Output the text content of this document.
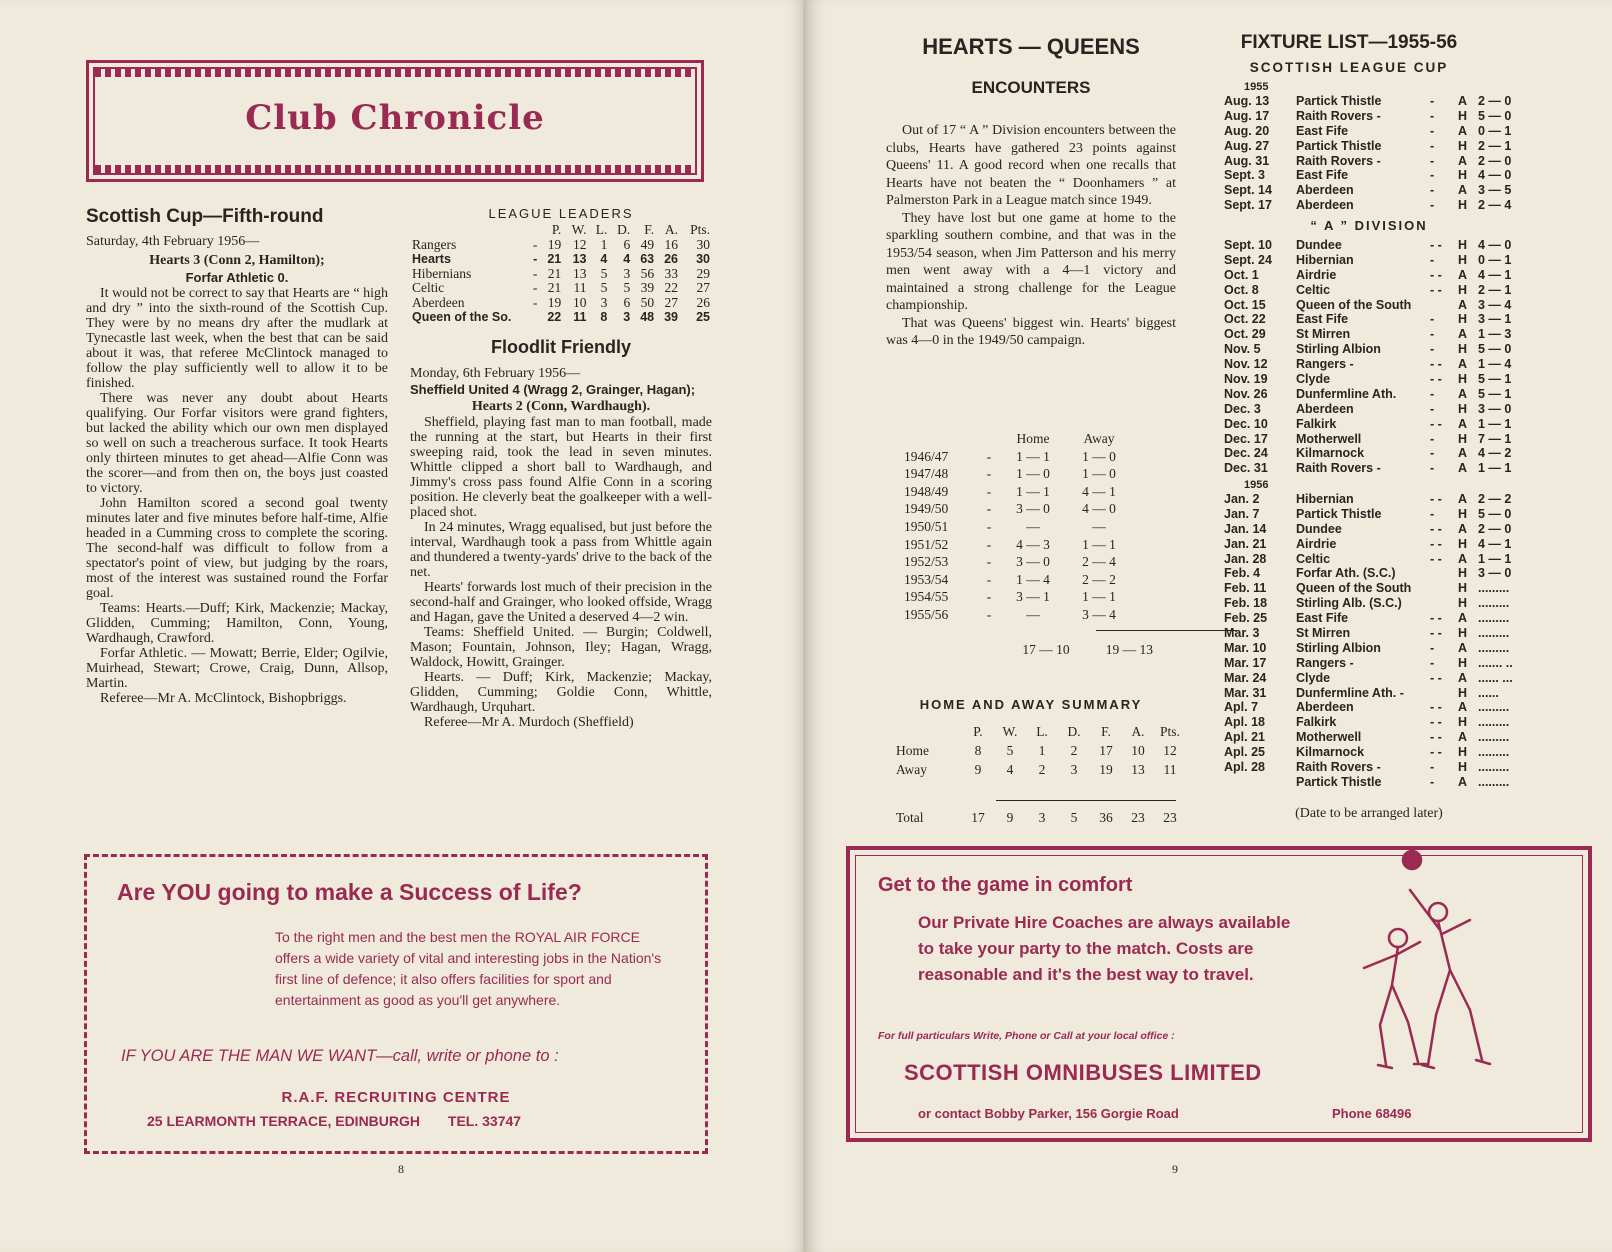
Club Chronicle
Scottish Cup—Fifth-round
Saturday, 4th February 1956—
Hearts 3 (Conn 2, Hamilton);
Forfar Athletic 0.

It would not be correct to say that Hearts are “ high and dry ” into the sixth-round of the Scottish Cup. They were by no means dry after the mudlark at Tynecastle last week, when the best that can be said about it was, that referee McClintock managed to follow the play sufficiently well to allow it to be finished.

There was never any doubt about Hearts qualifying. Our Forfar visitors were grand fighters, but lacked the ability which our own men displayed so well on such a treacherous surface. It took Hearts only thirteen minutes to get ahead—Alfie Conn was the scorer—and from then on, the boys just coasted to victory.

John Hamilton scored a second goal twenty minutes later and five minutes before half-time, Alfie headed in a Cumming cross to complete the scoring. The second-half was difficult to follow from a spectator's point of view, but judging by the roars, most of the interest was sustained round the Forfar goal.

Teams: Hearts.—Duff; Kirk, Mackenzie; Mackay, Glidden, Cumming; Hamilton, Conn, Young, Wardhaugh, Crawford.

Forfar Athletic. — Mowatt; Berrie, Elder; Ogilvie, Muirhead, Stewart; Crowe, Craig, Dunn, Allsop, Martin.

Referee—Mr A. McClintock, Bishopbriggs.

LEAGUE LEADERS
		P.	W.	L.	D.	F.	A.	Pts.
Rangers	-	19	12	1	6	49	16	30
Hearts	-	21	13	4	4	63	26	30
Hibernians	-	21	13	5	3	56	33	29
Celtic	-	21	11	5	5	39	22	27
Aberdeen	-	19	10	3	6	50	27	26
Queen of the So.		22	11	8	3	48	39	25
Floodlit Friendly
Monday, 6th February 1956—
Sheffield United 4 (Wragg 2, Grainger, Hagan);
Hearts 2 (Conn, Wardhaugh).

Sheffield, playing fast man to man football, made the running at the start, but Hearts in their first sweeping raid, took the lead in seven minutes. Whittle clipped a short ball to Wardhaugh, and Jimmy's cross pass found Alfie Conn in a scoring position. He cleverly beat the goalkeeper with a well-placed shot.

In 24 minutes, Wragg equalised, but just before the interval, Wardhaugh took a pass from Whittle again and thundered a twenty-yards' drive to the back of the net.

Hearts' forwards lost much of their precision in the second-half and Grainger, who looked offside, Wragg and Hagan, gave the United a deserved 4—2 win.

Teams: Sheffield United. — Burgin; Coldwell, Mason; Fountain, Johnson, Iley; Hagan, Wragg, Waldock, Howitt, Grainger.

Hearts. — Duff; Kirk, Mackenzie; Mackay, Glidden, Cumming; Goldie Conn, Whittle, Wardhaugh, Urquhart.

Referee—Mr A. Murdoch (Sheffield)

Are YOU going to make a Success of Life?
To the right men and the best men the ROYAL AIR FORCE offers a wide variety of vital and interesting jobs in the Nation's first line of defence; it also offers facilities for sport and entertainment as good as you'll get anywhere.
IF YOU ARE THE MAN WE WANT—call, write or phone to :
R.A.F. RECRUITING CENTRE
25 LEARMONTH TERRACE, EDINBURGH TEL. 33747
8
HEARTS — QUEENS
ENCOUNTERS

Out of 17 “ A ” Division encounters between the clubs, Hearts have gathered 23 points against Queens' 11. A good record when one recalls that Hearts have not beaten the “ Doonhamers ” at Palmerston Park in a League match since 1949.

They have lost but one game at home to the sparkling southern combine, and that was in the 1953/54 season, when Jim Patterson and his merry men went away with a 4—1 victory and maintained a strong challenge for the League championship.

That was Queens' biggest win. Hearts' biggest was 4—0 in the 1949/50 campaign.

		Home	Away
1946/47	-	1 — 1	1 — 0
1947/48	-	1 — 0	1 — 0
1948/49	-	1 — 1	4 — 1
1949/50	-	3 — 0	4 — 0
1950/51	-	—	—
1951/52	-	4 — 3	1 — 1
1952/53	-	3 — 0	2 — 4
1953/54	-	1 — 4	2 — 2
1954/55	-	3 — 1	1 — 1
1955/56	-	—	3 — 4
17 — 10	19 — 13
HOME AND AWAY SUMMARY
	P.	W.	L.	D.	F.	A.	Pts.
Home	8	5	1	2	17	10	12
Away	9	4	2	3	19	13	11
Total	17	9	3	5	36	23	23
FIXTURE LIST—1955-56
SCOTTISH LEAGUE CUP
1955
Aug. 13 Partick Thistle	- A 2 — 0
Aug. 17 Raith Rovers -	- H 5 — 0
Aug. 20 East Fife	- A 0 — 1
Aug. 27 Partick Thistle	- H 2 — 1
Aug. 31 Raith Rovers -	- A 2 — 0
Sept. 3 East Fife	- H 4 — 0
Sept. 14 Aberdeen	- A 3 — 5
Sept. 17 Aberdeen	- H 2 — 4
“ A ” DIVISION
Sept. 10 Dundee	- - H 4 — 0
Sept. 24 Hibernian	- H 0 — 1
Oct. 1	Airdrie	- - A 4 — 1
Oct. 8	Celtic	- - H 2 — 1
Oct. 15 Queen of the South	A 3 — 4
Oct. 22 East Fife	- H 3 — 1
Oct. 29 St Mirren	- A 1 — 3
Nov. 5	Stirling Albion	- H 5 — 0
Nov. 12 Rangers -	- - A 1 — 4
Nov. 19 Clyde	- - H 5 — 1
Nov. 26 Dunfermline Ath.	- A 5 — 1
Dec. 3	Aberdeen	- H 3 — 0
Dec. 10 Falkirk	- - A 1 — 1
Dec. 17 Motherwell	- H 7 — 1
Dec. 24 Kilmarnock	- A 4 — 2
Dec. 31 Raith Rovers -	- A 1 — 1
1956
Jan. 2	Hibernian	- - A 2 — 2
Jan. 7	Partick Thistle	- H 5 — 0
Jan. 14 Dundee	- - A 2 — 0
Jan. 21 Airdrie	- - H 4 — 1
Jan. 28 Celtic	- - A 1 — 1
Feb. 4	Forfar Ath. (S.C.)	H 3 — 0
Feb. 11 Queen of the South	H .........
Feb. 18 Stirling Alb. (S.C.)	H .........
Feb. 25 East Fife	- - A .........
Mar. 3	St Mirren	- - H .........
Mar. 10 Stirling Albion	- A .........
Mar. 17 Rangers -	- H ....... ..
Mar. 24 Clyde	- - A ...... ...
Mar. 31 Dunfermline Ath. -	H ......
Apl. 7	Aberdeen	- - A .........
Apl. 18 Falkirk	- - H .........
Apl. 21 Motherwell	- - A .........
Apl. 25 Kilmarnock	- - H .........
Apl. 28 Raith Rovers -	- H .........
Partick Thistle	- A .........
(Date to be arranged later)
Get to the game in comfort
Our Private Hire Coaches are always available to take your party to the match. Costs are reasonable and it's the best way to travel.
For full particulars Write, Phone or Call at your local office :
SCOTTISH OMNIBUSES LIMITED
or contact Bobby Parker, 156 Gorgie Road	Phone 68496
9
